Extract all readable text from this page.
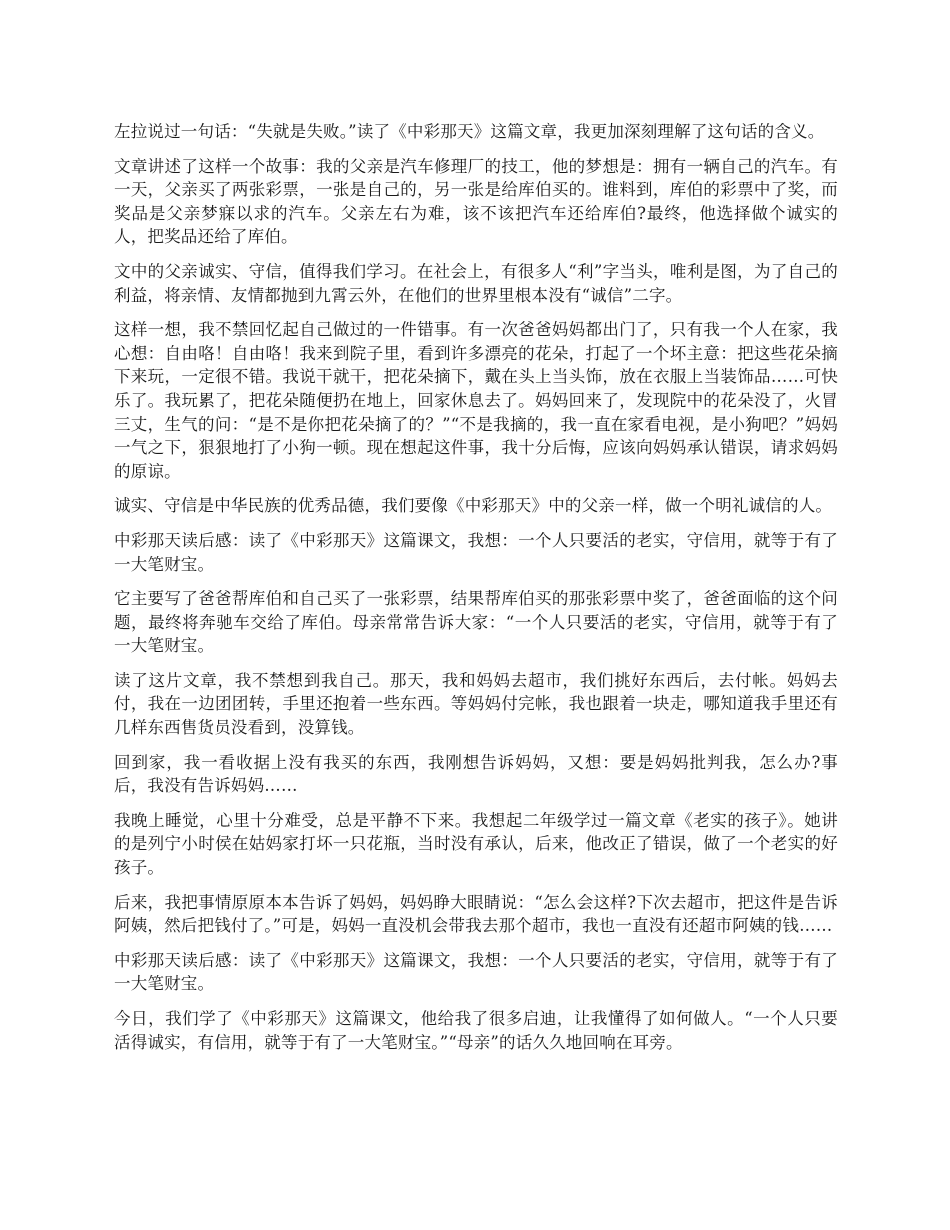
左拉说过一句话：“失就是失败。”读了《中彩那天》这篇文章，我更加深刻理解了这句话的含义。

文章讲述了这样一个故事：我的父亲是汽车修理厂的技工，他的梦想是：拥有一辆自己的汽车。有一天，父亲买了两张彩票，一张是自己的，另一张是给库伯买的。谁料到，库伯的彩票中了奖，而奖品是父亲梦寐以求的汽车。父亲左右为难，该不该把汽车还给库伯?最终，他选择做个诚实的人，把奖品还给了库伯。

文中的父亲诚实、守信，值得我们学习。在社会上，有很多人“利”字当头，唯利是图，为了自己的利益，将亲情、友情都抛到九霄云外，在他们的世界里根本没有“诚信”二字。

这样一想，我不禁回忆起自己做过的一件错事。有一次爸爸妈妈都出门了，只有我一个人在家，我心想：自由咯！自由咯！我来到院子里，看到许多漂亮的花朵，打起了一个坏主意：把这些花朵摘下来玩，一定很不错。我说干就干，把花朵摘下，戴在头上当头饰，放在衣服上当装饰品……可快乐了。我玩累了，把花朵随便扔在地上，回家休息去了。妈妈回来了，发现院中的花朵没了，火冒三丈，生气的问：“是不是你把花朵摘了的？”“不是我摘的，我一直在家看电视，是小狗吧？”妈妈一气之下，狠狠地打了小狗一顿。现在想起这件事，我十分后悔，应该向妈妈承认错误，请求妈妈的原谅。

诚实、守信是中华民族的优秀品德，我们要像《中彩那天》中的父亲一样，做一个明礼诚信的人。

中彩那天读后感：读了《中彩那天》这篇课文，我想：一个人只要活的老实，守信用，就等于有了一大笔财宝。

它主要写了爸爸帮库伯和自己买了一张彩票，结果帮库伯买的那张彩票中奖了，爸爸面临的这个问题，最终将奔驰车交给了库伯。母亲常常告诉大家：“一个人只要活的老实，守信用，就等于有了一大笔财宝。

读了这片文章，我不禁想到我自己。那天，我和妈妈去超市，我们挑好东西后，去付帐。妈妈去付，我在一边团团转，手里还抱着一些东西。等妈妈付完帐，我也跟着一块走，哪知道我手里还有几样东西售货员没看到，没算钱。

回到家，我一看收据上没有我买的东西，我刚想告诉妈妈，又想：要是妈妈批判我，怎么办?事后，我没有告诉妈妈……

我晚上睡觉，心里十分难受，总是平静不下来。我想起二年级学过一篇文章《老实的孩子》。她讲的是列宁小时侯在姑妈家打坏一只花瓶，当时没有承认，后来，他改正了错误，做了一个老实的好孩子。

后来，我把事情原原本本告诉了妈妈，妈妈睁大眼睛说：“怎么会这样?下次去超市，把这件是告诉阿姨，然后把钱付了。”可是，妈妈一直没机会带我去那个超市，我也一直没有还超市阿姨的钱……

中彩那天读后感：读了《中彩那天》这篇课文，我想：一个人只要活的老实，守信用，就等于有了一大笔财宝。

今日，我们学了《中彩那天》这篇课文，他给我了很多启迪，让我懂得了如何做人。“一个人只要活得诚实，有信用，就等于有了一大笔财宝。”“母亲”的话久久地回响在耳旁。
